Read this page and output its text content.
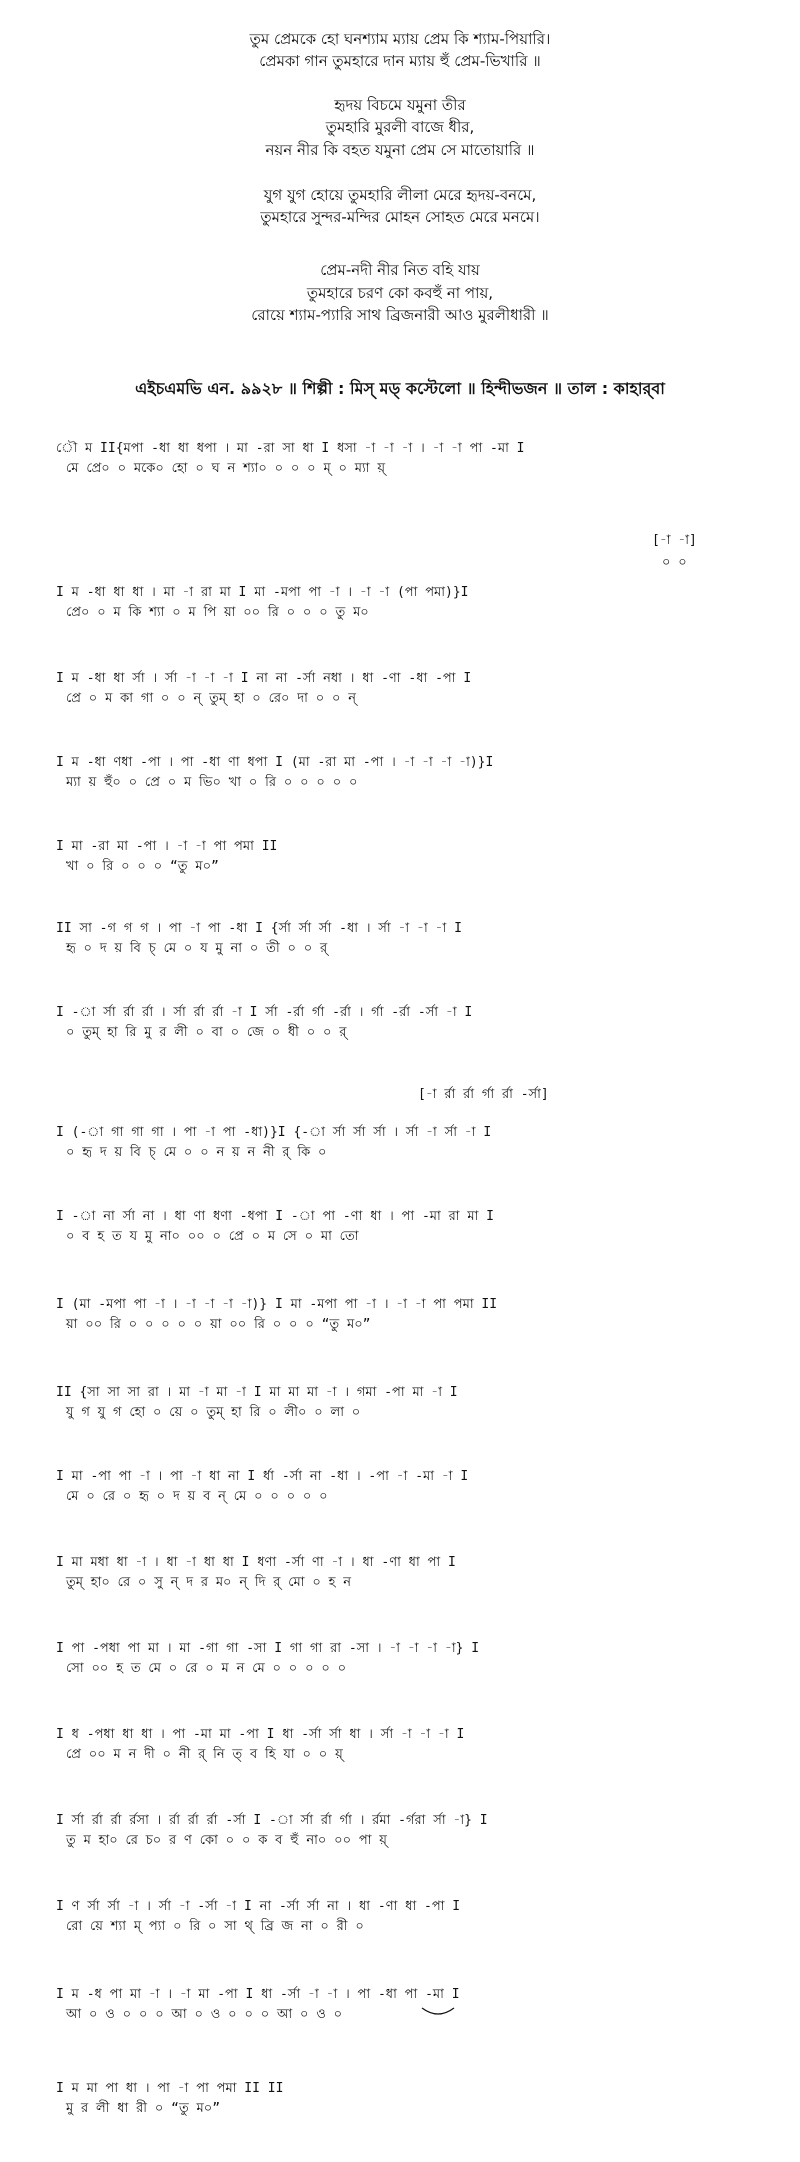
তুম প্রেমকে হো ঘনশ্যাম ম্যায় প্রেম কি শ্যাম-পিয়ারি।
প্রেমকা গান তুমহারে দান ম্যায় হুঁ প্রেম-ভিখারি ॥
হৃদয় বিচমে যমুনা তীর
তুমহারি মুরলী বাজে ধীর,
নয়ন নীর কি বহত যমুনা প্রেম সে মাতোয়ারি ॥
যুগ যুগ হোয়ে তুমহারি লীলা মেরে হৃদয়-বনমে,
তুমহারে সুন্দর-মন্দির মোহন সোহত মেরে মনমে।
প্রেম-নদী নীর নিত বহি যায়
তুমহারে চরণ কো কবহুঁ না পায়,
রোয়ে শ্যাম-প্যারি সাথ ব্রিজনারী আও মুরলীধারী ॥
এইচএমভি এন. ৯৯২৮ ॥ শিল্পী : মিস্ মড্ কস্টেলো ॥ হিন্দীভজন ॥ তাল : কাহার্‌বা
[-া -া]
০ ০
[-া র্রা র্রা র্গা র্রা -র্সা]
ৌ ম II{মপা -ধা ধা ধপা । মা -রা সা ধা I ধসা -া -া -া । -া -া পা -মা I
মে প্রে০ ০ মকে০ হো ০ ঘ ন শ্যা০ ০ ০ ০ ম্ ০ ম্যা য়্
I ম -ধা ধা ধা । মা -া রা মা I মা -মপা পা -া । -া -া (পা পমা)}I
প্রে০ ০ ম কি শ্যা ০ ম পি য়া ০০ রি ০ ০ ০ তু ম০
I ম -ধা ধা র্সা । র্সা -া -া -া I না না -র্সা নধা । ধা -ণা -ধা -পা I
প্রে ০ ম কা গা ০ ০ ন্ তুম্ হা ০ রে০ দা ০ ০ ন্
I ম -ধা ণধা -পা । পা -ধা ণা ধপা I (মা -রা মা -পা । -া -া -া -া)}I
ম্যা য় হুঁ০ ০ প্রে ০ ম ভি০ খা ০ রি ০ ০ ০ ০ ০
I মা -রা মা -পা । -া -া পা পমা II
খা ০ রি ০ ০ ০ “তু ম০”
II সা -গ গ গ । পা -া পা -ধা I {র্সা র্সা র্সা -ধা । র্সা -া -া -া I
হৃ ০ দ য় বি চ্ মে ০ য মু না ০ তী ০ ০ র্
I -া র্সা র্রা র্রা । র্সা র্রা র্রা -া I র্সা -র্রা র্গা -র্রা । র্গা -র্রা -র্সা -া I
০ তুম্ হা রি মু র লী ০ বা ০ জে ০ ধী ০ ০ র্
I (-া গা গা গা । পা -া পা -ধা)}I {-া র্সা র্সা র্সা । র্সা -া র্সা -া I
০ হৃ দ য় বি চ্ মে ০ ০ ন য় ন নী র্ কি ০
I -া না র্সা না । ধা ণা ধণা -ধপা I -া পা -ণা ধা । পা -মা রা মা I
০ ব হ ত য মু না০ ০০ ০ প্রে ০ ম সে ০ মা তো
I (মা -মপা পা -া । -া -া -া -া)} I মা -মপা পা -া । -া -া পা পমা II
য়া ০০ রি ০ ০ ০ ০ ০ য়া ০০ রি ০ ০ ০ “তু ম০”
II {সা সা সা রা । মা -া মা -া I মা মা মা -া । গমা -পা মা -া I
যু গ যু গ হো ০ য়ে ০ তুম্ হা রি ০ লী০ ০ লা ০
I মা -পা পা -া । পা -া ধা না I র্ধা -র্সা না -ধা । -পা -া -মা -া I
মে ০ রে ০ হৃ ০ দ য় ব ন্ মে ০ ০ ০ ০ ০
I মা মধা ধা -া । ধা -া ধা ধা I ধণা -র্সা ণা -া । ধা -ণা ধা পা I
তুম্ হা০ রে ০ সু ন্ দ র ম০ ন্ দি র্ মো ০ হ ন
I পা -পধা পা মা । মা -গা গা -সা I গা গা রা -সা । -া -া -া -া} I
সো ০০ হ ত মে ০ রে ০ ম ন মে ০ ০ ০ ০ ০
I ধ -পধা ধা ধা । পা -মা মা -পা I ধা -র্সা র্সা ধা । র্সা -া -া -া I
প্রে ০০ ম ন দী ০ নী র্ নি ত্ ব হি যা ০ ০ য়্
I র্সা র্রা র্রা র্রসা । র্রা র্রা র্রা -র্সা I -া র্সা র্রা র্গা । র্রমা -র্গরা র্সা -া} I
তু ম হা০ রে চ০ র ণ কো ০ ০ ক ব হুঁ না০ ০০ পা য়্
I ণ র্সা র্সা -া । র্সা -া -র্সা -া I না -র্সা র্সা না । ধা -ণা ধা -পা I
রো য়ে শ্যা ম্ প্যা ০ রি ০ সা থ্ ব্রি জ না ০ রী ০
I ম -ধ পা মা -া । -া মা -পা I ধা -র্সা -া -া । পা -ধা পা -মা I
আ ০ ও ০ ০ ০ আ ০ ও ০ ০ ০ আ ০ ও ০
I ম মা পা ধা । পা -া পা পমা II II
মু র লী ধা রী ০ “তু ম০”
